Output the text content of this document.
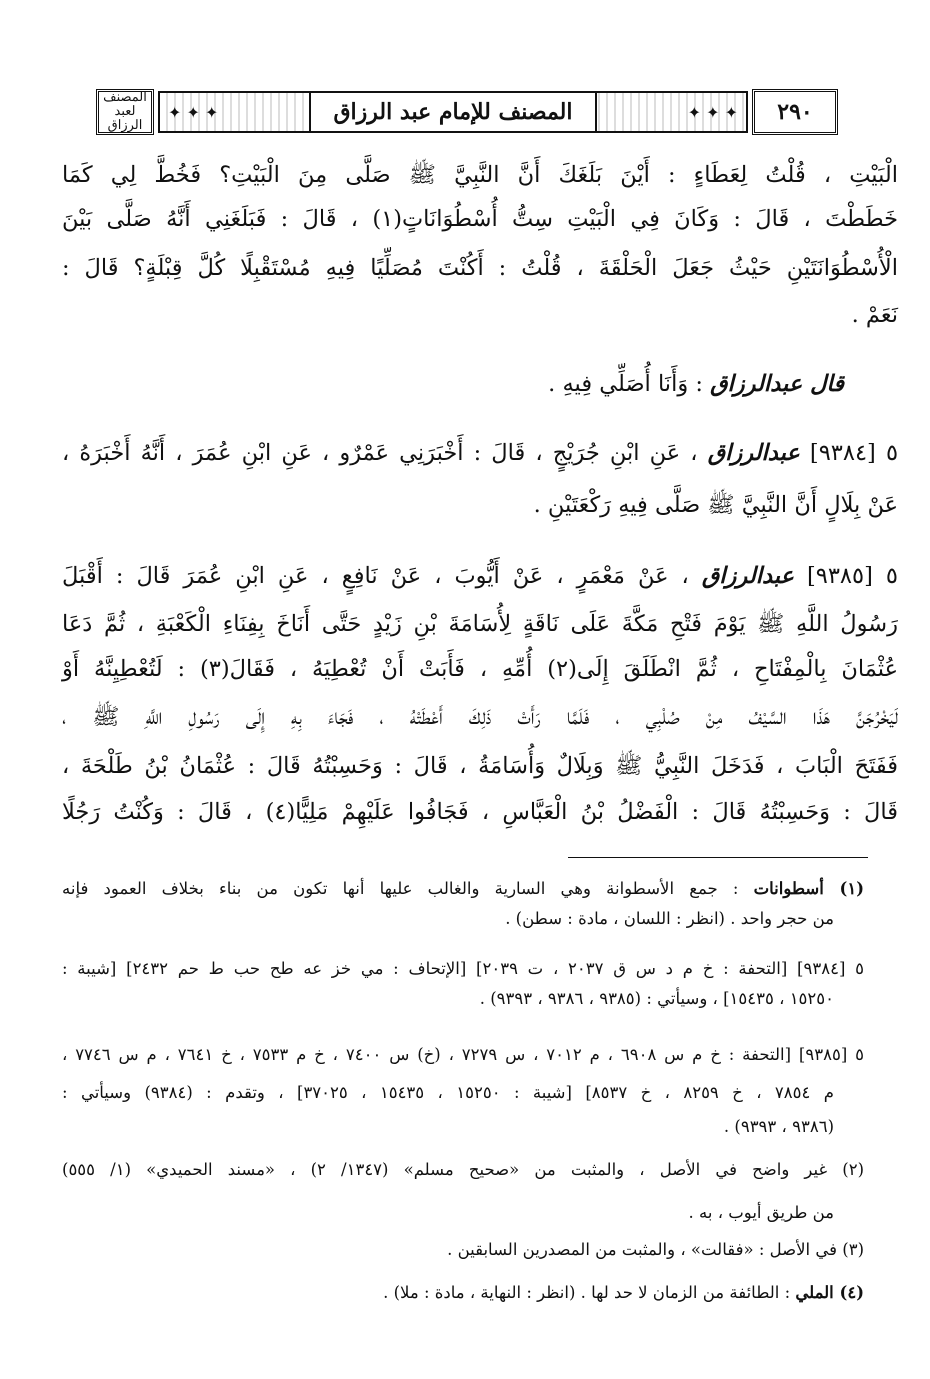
المصنف لعبد الرزاق
✦ ✦ ✦	المصنف للإمام عبد الرزاق	✦ ✦ ✦	٢٩٠
الْبَيْتِ ، قُلْتُ لِعَطَاءٍ : أَيْنَ بَلَغَكَ أَنَّ النَّبِيَّ ﷺ صَلَّى مِنَ الْبَيْتِ؟ فَخُطَّ لِي كَمَا
خَطَطْتَ ، قَالَ : وَكَانَ فِي الْبَيْتِ سِتُّ أُسْطُوَانَاتٍ(١) ، قَالَ : فَبَلَغَنِي أَنَّهُ صَلَّى بَيْنَ
الْأُسْطُوَانَتَيْنِ حَيْثُ جَعَلَ الْحَلْقَةَ ، قُلْتُ : أَكُنْتَ مُصَلِّيًا فِيهِ مُسْتَقْبِلًا كُلَّ قِبْلَةٍ؟ قَالَ :
نَعَمْ .
قال عبدالرزاق : وَأَنَا أُصَلِّي فِيهِ .
٥ [٩٣٨٤] عبدالرزاق ، عَنِ ابْنِ جُرَيْجٍ ، قَالَ : أَخْبَرَنِي عَمْرٌو ، عَنِ ابْنِ عُمَرَ ، أَنَّهُ أَخْبَرَهُ ،
عَنْ بِلَالٍ أَنَّ النَّبِيَّ ﷺ صَلَّى فِيهِ رَكْعَتَيْنِ .
٥ [٩٣٨٥] عبدالرزاق ، عَنْ مَعْمَرٍ ، عَنْ أَيُّوبَ ، عَنْ نَافِعٍ ، عَنِ ابْنِ عُمَرَ قَالَ : أَقْبَلَ
رَسُولُ اللَّهِ ﷺ يَوْمَ فَتْحِ مَكَّةَ عَلَى نَاقَةٍ لِأُسَامَةَ بْنِ زَيْدٍ حَتَّى أَنَاخَ بِفِنَاءِ الْكَعْبَةِ ، ثُمَّ دَعَا
عُثْمَانَ بِالْمِفْتَاحِ ، ثُمَّ انْطَلَقَ إِلَى(٢) أُمِّهِ ، فَأَبَتْ أَنْ تُعْطِيَهُ ، فَقَالَ(٣) : لَتُعْطِيِنَّهُ أَوْ
لَيَخْرُجَنَّ هَذَا السَّيْفُ مِنْ صُلْبِي ، فَلَمَّا رَأَتْ ذَلِكَ أَعْطَتْهُ ، فَجَاءَ بِهِ إِلَى رَسُولِ اللَّهِ ﷺ ،
فَفَتَحَ الْبَابَ ، فَدَخَلَ النَّبِيُّ ﷺ وَبِلَالٌ وَأُسَامَةُ ، قَالَ : وَحَسِبْتُهُ قَالَ : عُثْمَانُ بْنُ طَلْحَةَ ،
قَالَ : وَحَسِبْتُهُ قَالَ : الْفَضْلُ بْنُ الْعَبَّاسِ ، فَجَافُوا عَلَيْهِمْ مَلِيًّا(٤) ، قَالَ : وَكُنْتُ رَجُلًا
(١) أسطوانات : جمع الأسطوانة وهي السارية والغالب عليها أنها تكون من بناء بخلاف العمود فإنه
من حجر واحد . (انظر : اللسان ، مادة : سطن) .
٥ [٩٣٨٤] [التحفة : خ م د س ق ٢٠٣٧ ، ت ٢٠٣٩] [الإتحاف : مي خز عه طح حب ط حم ٢٤٣٢] [شيبة :
١٥٢٥٠ ، ١٥٤٣٥] ، وسيأتي : (٩٣٨٥ ، ٩٣٨٦ ، ٩٣٩٣) .
٥ [٩٣٨٥] [التحفة : خ م س ٦٩٠٨ ، م ٧٠١٢ ، س ٧٢٧٩ ، (خ) س ٧٤٠٠ ، خ م ٧٥٣٣ ، خ ٧٦٤١ ، م س ٧٧٤٦ ،
م ٧٨٥٤ ، خ ٨٢٥٩ ، خ ٨٥٣٧] [شيبة : ١٥٢٥٠ ، ١٥٤٣٥ ، ٣٧٠٢٥] ، وتقدم : (٩٣٨٤) وسيأتي :
(٩٣٨٦ ، ٩٣٩٣) .
(٢) غير واضح في الأصل ، والمثبت من «صحيح مسلم» (١٣٤٧/ ٢) ، «مسند الحميدي» (١/ ٥٥٥)
من طريق أيوب ، به .
(٣) في الأصل : «فقالت» ، والمثبت من المصدرين السابقين .
(٤) الملي : الطائفة من الزمان لا حد لها . (انظر : النهاية ، مادة : ملا) .
